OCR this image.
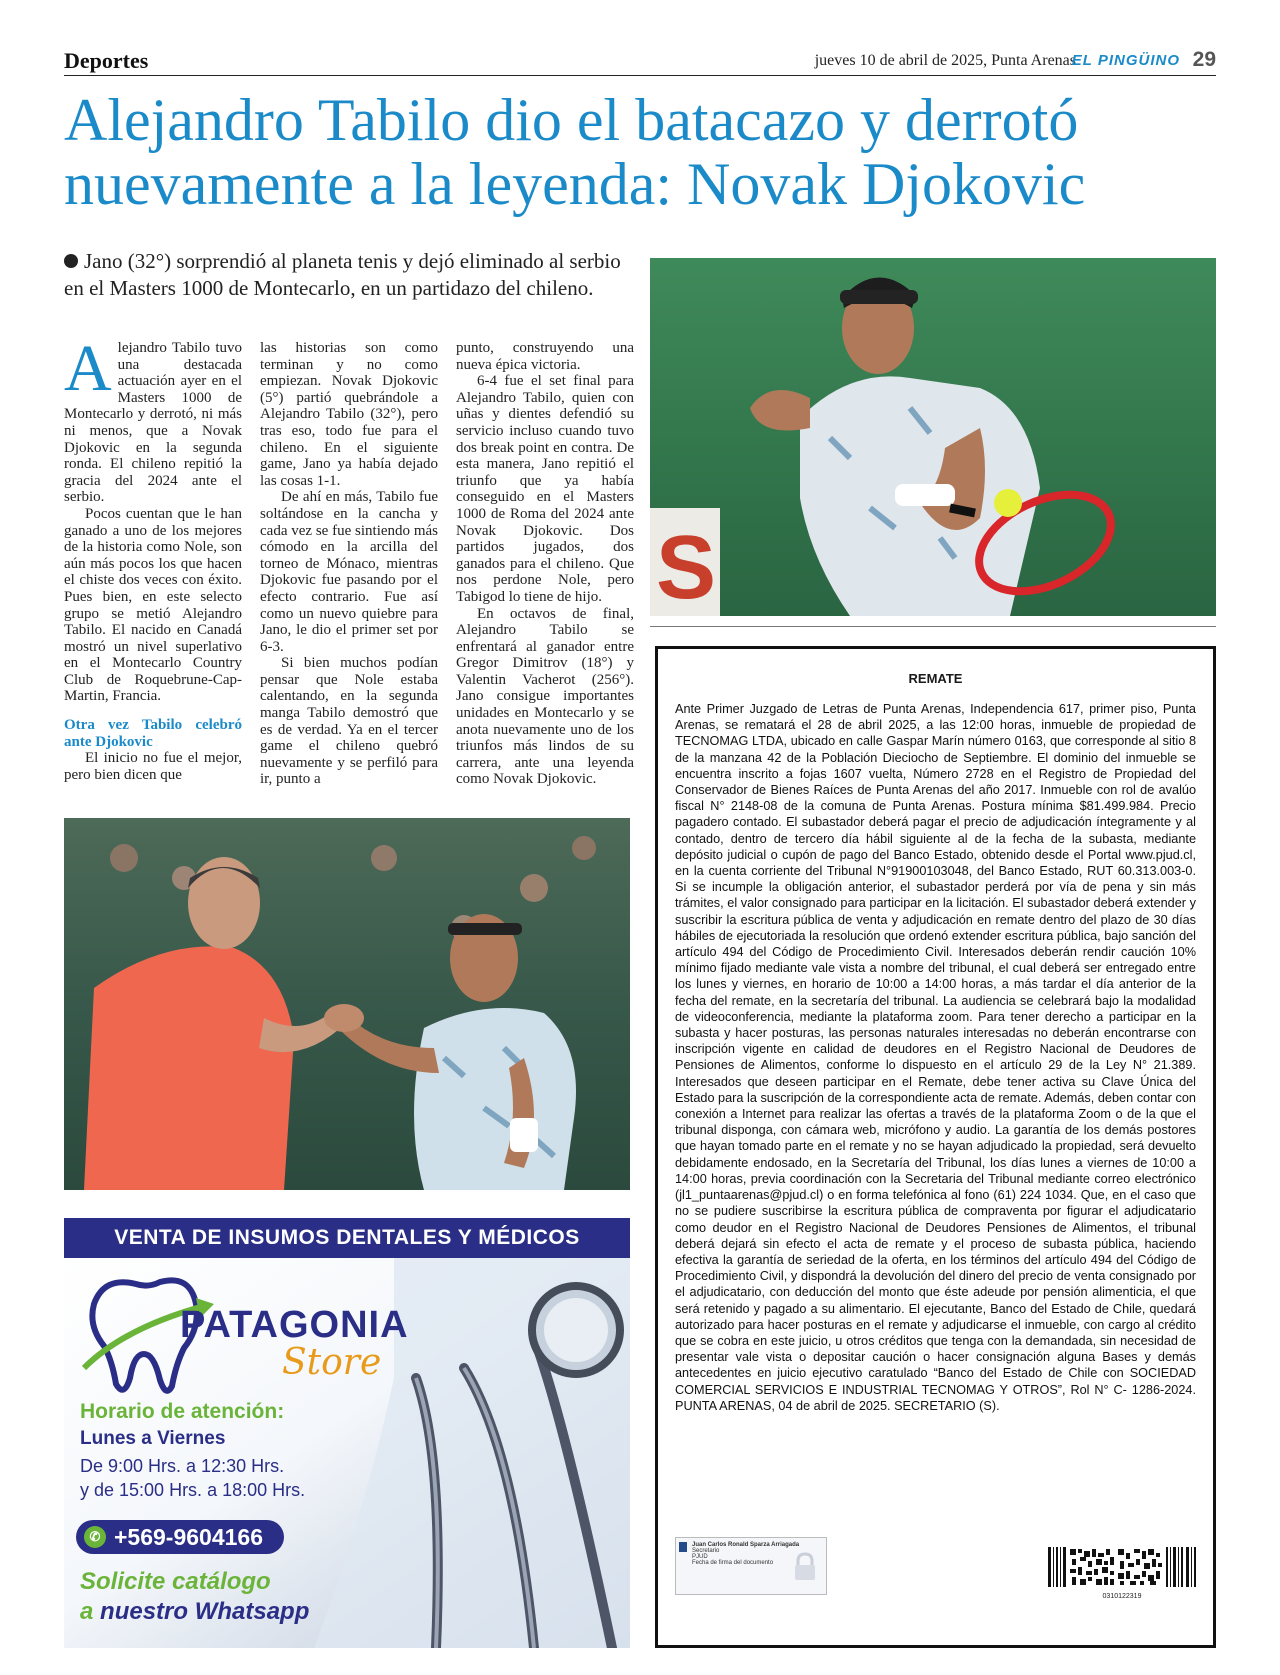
Deportes	jueves 10 de abril de 2025, Punta Arenas
EL PINGÜINO 29
Alejandro Tabilo dio el batacazo y derrotó
nuevamente a la leyenda: Novak Djokovic
Jano (32°) sorprendió al planeta tenis y dejó eliminado al serbio en el Masters 1000 de Montecarlo, en un partidazo del chileno.

Alejandro Tabilo tuvo una destacada actuación ayer en el Masters 1000 de Montecarlo y derrotó, ni más ni menos, que a Novak Djokovic en la segunda ronda. El chileno repitió la gracia del 2024 ante el serbio.

Pocos cuentan que le han ganado a uno de los mejores de la historia como Nole, son aún más pocos los que hacen el chiste dos veces con éxito. Pues bien, en este selecto grupo se metió Alejandro Tabilo. El nacido en Canadá mostró un nivel superlativo en el Montecarlo Country Club de Roquebrune-Cap-Martin, Francia.

Otra vez Tabilo celebró ante Djokovic

El inicio no fue el mejor, pero bien dicen que

las historias son como terminan y no como empiezan. Novak Djokovic (5°) partió quebrándole a Alejandro Tabilo (32°), pero tras eso, todo fue para el chileno. En el siguiente game, Jano ya había dejado las cosas 1-1.

De ahí en más, Tabilo fue soltándose en la cancha y cada vez se fue sintiendo más cómodo en la arcilla del torneo de Mónaco, mientras Djokovic fue pasando por el efecto contrario. Fue así como un nuevo quiebre para Jano, le dio el primer set por 6-3.

Si bien muchos podían pensar que Nole estaba calentando, en la segunda manga Tabilo demostró que es de verdad. Ya en el tercer game el chileno quebró nuevamente y se perfiló para ir, punto a

punto, construyendo una nueva épica victoria.

6-4 fue el set final para Alejandro Tabilo, quien con uñas y dientes defendió su servicio incluso cuando tuvo dos break point en contra. De esta manera, Jano repitió el triunfo que ya había conseguido en el Masters 1000 de Roma del 2024 ante Novak Djokovic. Dos partidos jugados, dos ganados para el chileno. Que nos perdone Nole, pero Tabigod lo tiene de hijo.

En octavos de final, Alejandro Tabilo se enfrentará al ganador entre Gregor Dimitrov (18°) y Valentin Vacherot (256°). Jano consigue importantes unidades en Montecarlo y se anota nuevamente uno de los triunfos más lindos de su carrera, ante una leyenda como Novak Djokovic.

S
REMATE
Ante Primer Juzgado de Letras de Punta Arenas, Independencia 617, primer piso, Punta Arenas, se rematará el 28 de abril 2025, a las 12:00 horas, inmueble de propiedad de TECNOMAG LTDA, ubicado en calle Gaspar Marín número 0163, que corresponde al sitio 8 de la manzana 42 de la Población Dieciocho de Septiembre. El dominio del inmueble se encuentra inscrito a fojas 1607 vuelta, Número 2728 en el Registro de Propiedad del Conservador de Bienes Raíces de Punta Arenas del año 2017. Inmueble con rol de avalúo fiscal N° 2148-08 de la comuna de Punta Arenas. Postura mínima $81.499.984. Precio pagadero contado. El subastador deberá pagar el precio de adjudicación íntegramente y al contado, dentro de tercero día hábil siguiente al de la fecha de la subasta, mediante depósito judicial o cupón de pago del Banco Estado, obtenido desde el Portal www.pjud.cl, en la cuenta corriente del Tribunal N°91900103048, del Banco Estado, RUT 60.313.003-0. Si se incumple la obligación anterior, el subastador perderá por vía de pena y sin más trámites, el valor consignado para participar en la licitación. El subastador deberá extender y suscribir la escritura pública de venta y adjudicación en remate dentro del plazo de 30 días hábiles de ejecutoriada la resolución que ordenó extender escritura pública, bajo sanción del artículo 494 del Código de Procedimiento Civil. Interesados deberán rendir caución 10% mínimo fijado mediante vale vista a nombre del tribunal, el cual deberá ser entregado entre los lunes y viernes, en horario de 10:00 a 14:00 horas, a más tardar el día anterior de la fecha del remate, en la secretaría del tribunal. La audiencia se celebrará bajo la modalidad de videoconferencia, mediante la plataforma zoom. Para tener derecho a participar en la subasta y hacer posturas, las personas naturales interesadas no deberán encontrarse con inscripción vigente en calidad de deudores en el Registro Nacional de Deudores de Pensiones de Alimentos, conforme lo dispuesto en el artículo 29 de la Ley N° 21.389. Interesados que deseen participar en el Remate, debe tener activa su Clave Única del Estado para la suscripción de la correspondiente acta de remate. Además, deben contar con conexión a Internet para realizar las ofertas a través de la plataforma Zoom o de la que el tribunal disponga, con cámara web, micrófono y audio. La garantía de los demás postores que hayan tomado parte en el remate y no se hayan adjudicado la propiedad, será devuelto debidamente endosado, en la Secretaría del Tribunal, los días lunes a viernes de 10:00 a 14:00 horas, previa coordinación con la Secretaria del Tribunal mediante correo electrónico (jl1_puntaarenas@pjud.cl) o en forma telefónica al fono (61) 224 1034. Que, en el caso que no se pudiere suscribirse la escritura pública de compraventa por figurar el adjudicatario como deudor en el Registro Nacional de Deudores Pensiones de Alimentos, el tribunal deberá dejará sin efecto el acta de remate y el proceso de subasta pública, haciendo efectiva la garantía de seriedad de la oferta, en los términos del artículo 494 del Código de Procedimiento Civil, y dispondrá la devolución del dinero del precio de venta consignado por el adjudicatario, con deducción del monto que éste adeude por pensión alimenticia, el que será retenido y pagado a su alimentario. El ejecutante, Banco del Estado de Chile, quedará autorizado para hacer posturas en el remate y adjudicarse el inmueble, con cargo al crédito que se cobra en este juicio, u otros créditos que tenga con la demandada, sin necesidad de presentar vale vista o depositar caución o hacer consignación alguna Bases y demás antecedentes en juicio ejecutivo caratulado “Banco del Estado de Chile con SOCIEDAD COMERCIAL SERVICIOS E INDUSTRIAL TECNOMAG Y OTROS”, Rol N° C- 1286-2024. PUNTA ARENAS, 04 de abril de 2025. SECRETARIO (S).
Juan Carlos Ronald Sparza Arriagada
Secretario
PJUD
Fecha de firma del documento
0310122319
VENTA DE INSUMOS DENTALES Y MÉDICOS
PATAGONIA
Store
Horario de atención:
Lunes a Viernes
De 9:00 Hrs. a 12:30 Hrs.
y de 15:00 Hrs. a 18:00 Hrs.
✆ +569-9604166
Solicite catálogo
a nuestro Whatsapp
